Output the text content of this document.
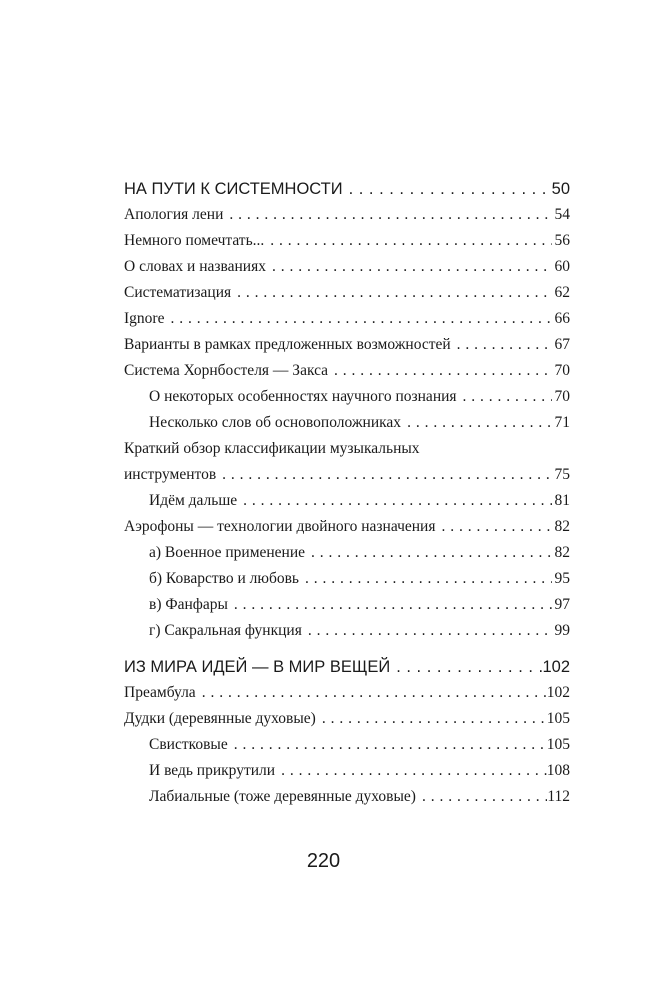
НА ПУТИ К СИСТЕМНОСТИ . . .	50
Апология лени . . .	54
Немного помечтать... . . .	56
О словах и названиях . . .	60
Систематизация . . .	62
Ignore . . .	66
Варианты в рамках предложенных возможностей . . .	67
Система Хорнбостеля — Закса . . .	70
О некоторых особенностях научного познания . . .	70
Несколько слов об основоположниках . . .	71
Краткий обзор классификации музыкальных
инструментов . . .	75
Идём дальше . . .	81
Аэрофоны — технологии двойного назначения . . .	82
а) Военное применение . . .	82
б) Коварство и любовь . . .	95
в) Фанфары . . .	97
г) Сакральная функция . . .	99
ИЗ МИРА ИДЕЙ — В МИР ВЕЩЕЙ . . .	102
Преамбула . . .	102
Дудки (деревянные духовые) . . .	105
Свистковые . . .	105
И ведь прикрутили . . .	108
Лабиальные (тоже деревянные духовые) . . .	112
220
